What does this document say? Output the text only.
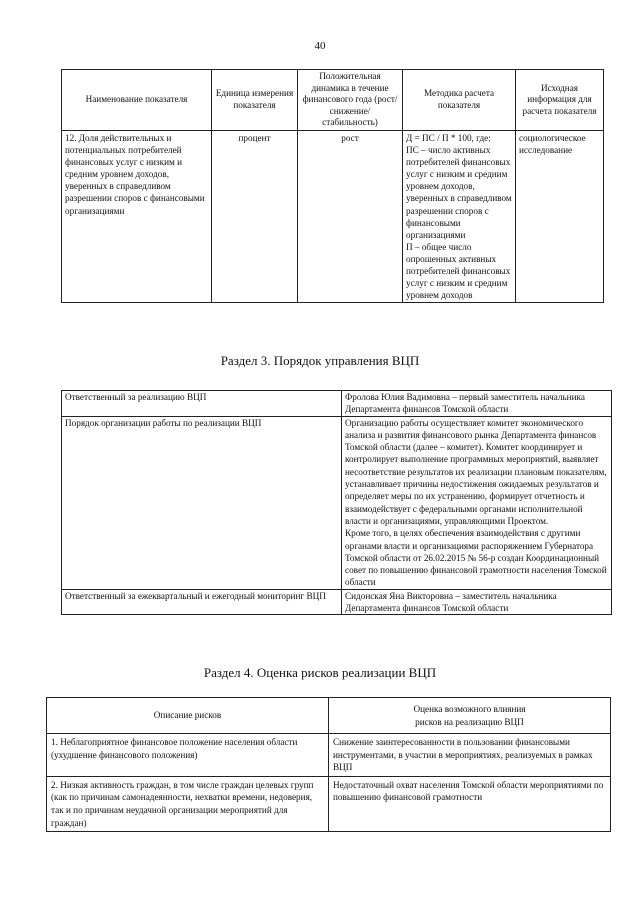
40
Наименование показателя	Единица измерения показателя	Положительная динамика в течение финансового года (рост/снижение/ стабильность)	Методика расчета показателя	Исходная информация для расчета показателя
12. Доля действительных и потенциальных потребителей финансовых услуг с низким и средним уровнем доходов, уверенных в справедливом разрешении споров с финансовыми организациями	процент	рост	Д = ПС / П * 100, где:
ПС – число активных потребителей финансовых услуг с низким и средним уровнем доходов, уверенных в справедливом разрешении споров с финансовыми организациями
П – общее число опрошенных активных потребителей финансовых услуг с низким и средним уровнем доходов	социологическое исследование
Раздел 3. Порядок управления ВЦП
Ответственный за реализацию ВЦП	Фролова Юлия Вадимовна – первый заместитель начальника Департамента финансов Томской области
Порядок организации работы по реализации ВЦП	Организацию работы осуществляет комитет экономического анализа и развития финансового рынка Департамента финансов Томской области (далее – комитет). Комитет координирует и контролирует выполнение программных мероприятий, выявляет несоответствие результатов их реализации плановым показателям, устанавливает причины недостижения ожидаемых результатов и определяет меры по их устранению, формирует отчетность и взаимодействует с федеральными органами исполнительной власти и организациями, управляющими Проектом.
Кроме того, в целях обеспечения взаимодействия с другими органами власти и организациями распоряжением Губернатора Томской области от 26.02.2015 № 56-р создан Координационный совет по повышению финансовой грамотности населения Томской области
Ответственный за ежеквартальный и ежегодный мониторинг ВЦП	Сидонская Яна Викторовна – заместитель начальника Департамента финансов Томской области
Раздел 4. Оценка рисков реализации ВЦП
Описание рисков	Оценка возможного влияния
рисков на реализацию ВЦП
1. Неблагоприятное финансовое положение населения области (ухудшение финансового положения)	Снижение заинтересованности в пользовании финансовыми инструментами, в участии в мероприятиях, реализуемых в рамках ВЦП
2. Низкая активность граждан, в том числе граждан целевых групп (как по причинам самонадеянности, нехватки времени, недоверия, так и по причинам неудачной организации мероприятий для граждан)	Недостаточный охват населения Томской области мероприятиями по повышению финансовой грамотности
